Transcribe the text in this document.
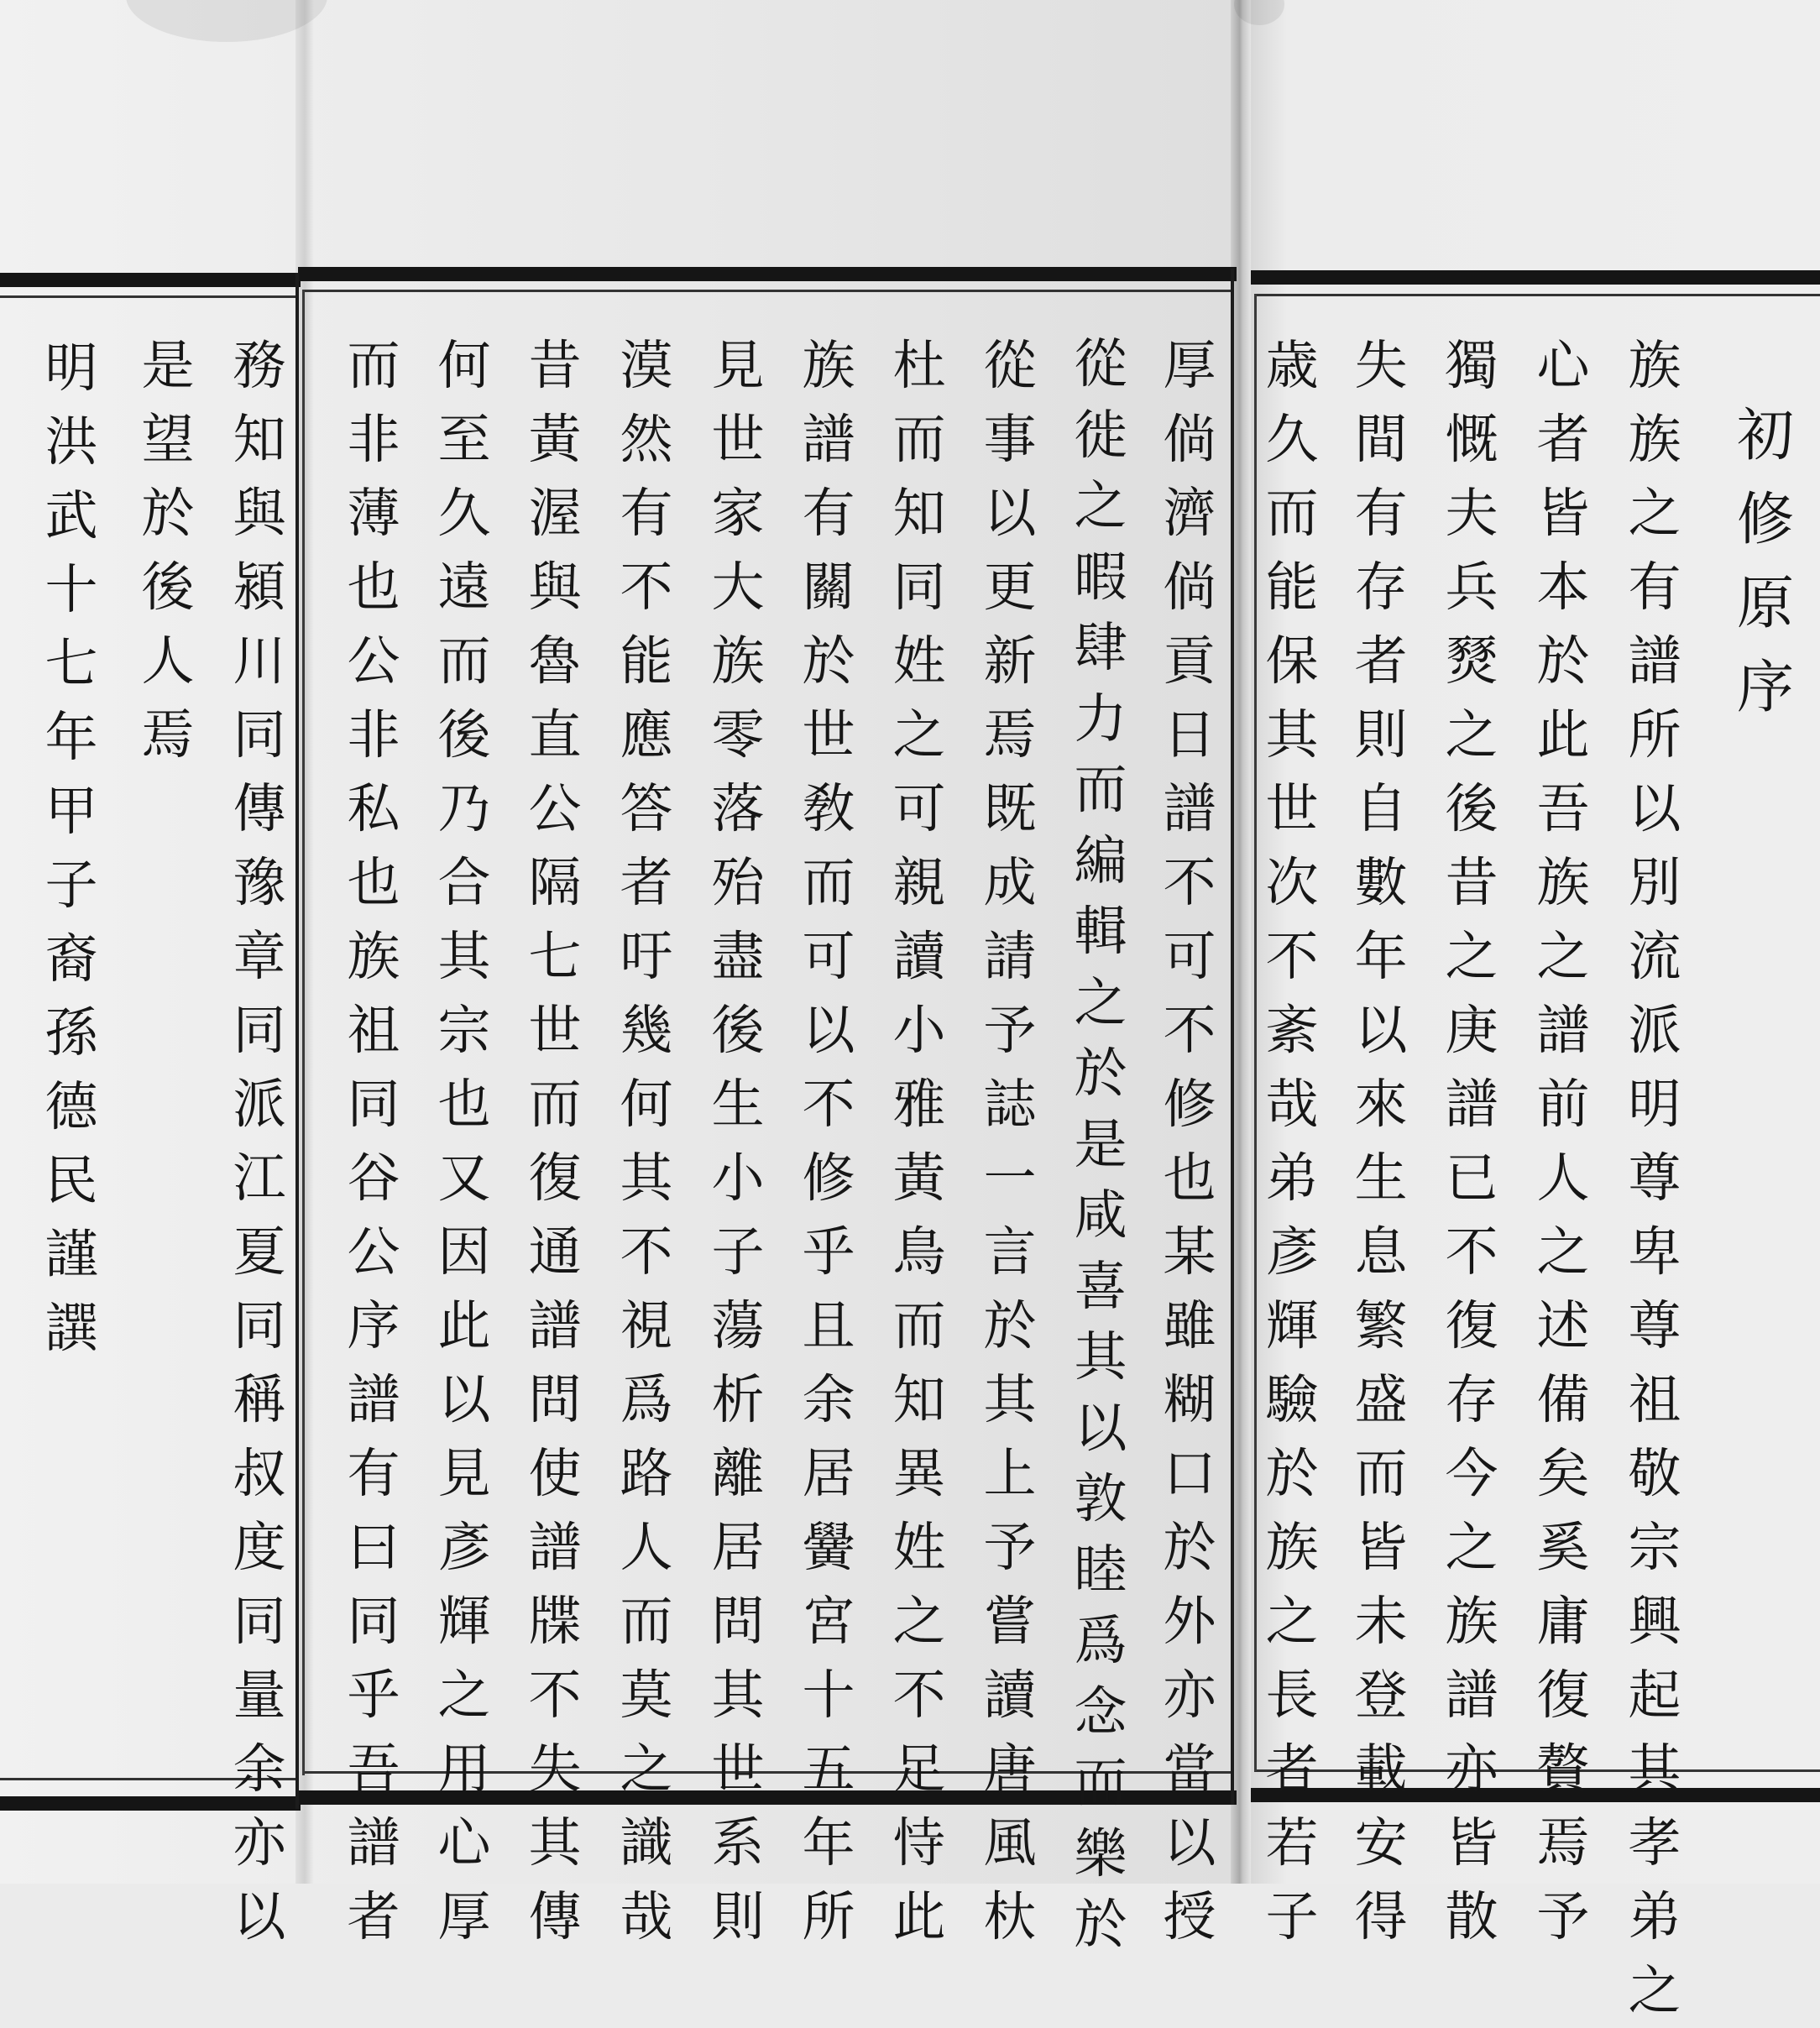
初
修
原
序
族
族
之
有
譜
所
以
別
流
派
明
尊
卑
尊
祖
敬
宗
興
起
其
孝
弟
之
心
者
皆
本
於
此
吾
族
之
譜
前
人
之
述
備
矣
奚
庸
復
贅
焉
予
獨
慨
夫
兵
燹
之
後
昔
之
庚
譜
已
不
復
存
今
之
族
譜
亦
皆
散
失
間
有
存
者
則
自
數
年
以
來
生
息
繁
盛
而
皆
未
登
載
安
得
歳
久
而
能
保
其
世
次
不
紊
哉
弟
彥
輝
驗
於
族
之
長
者
若
子
厚
倘
濟
倘
貢
日
譜
不
可
不
修
也
某
雖
糊
口
於
外
亦
當
以
授
從
徙
之
暇
肆
力
而
編
輯
之
於
是
咸
喜
其
以
敦
睦
爲
念
而
樂
於
從
事
以
更
新
焉
既
成
請
予
誌
一
言
於
其
上
予
嘗
讀
唐
風
杕
杜
而
知
同
姓
之
可
親
讀
小
雅
黃
鳥
而
知
異
姓
之
不
足
恃
此
族
譜
有
關
於
世
敎
而
可
以
不
修
乎
且
余
居
黌
宮
十
五
年
所
見
世
家
大
族
零
落
殆
盡
後
生
小
子
蕩
析
離
居
問
其
世
系
則
漠
然
有
不
能
應
答
者
吁
幾
何
其
不
視
爲
路
人
而
莫
之
識
哉
昔
黃
渥
與
魯
直
公
隔
七
世
而
復
通
譜
問
使
譜
牒
不
失
其
傳
何
至
久
遠
而
後
乃
合
其
宗
也
又
因
此
以
見
彥
輝
之
用
心
厚
而
非
薄
也
公
非
私
也
族
祖
同
谷
公
序
譜
有
曰
同
乎
吾
譜
者
務
知
與
潁
川
同
傳
豫
章
同
派
江
夏
同
稱
叔
度
同
量
余
亦
以
是
望
於
後
人
焉
明
洪
武
十
七
年
甲
子
裔
孫
德
民
謹
譔
